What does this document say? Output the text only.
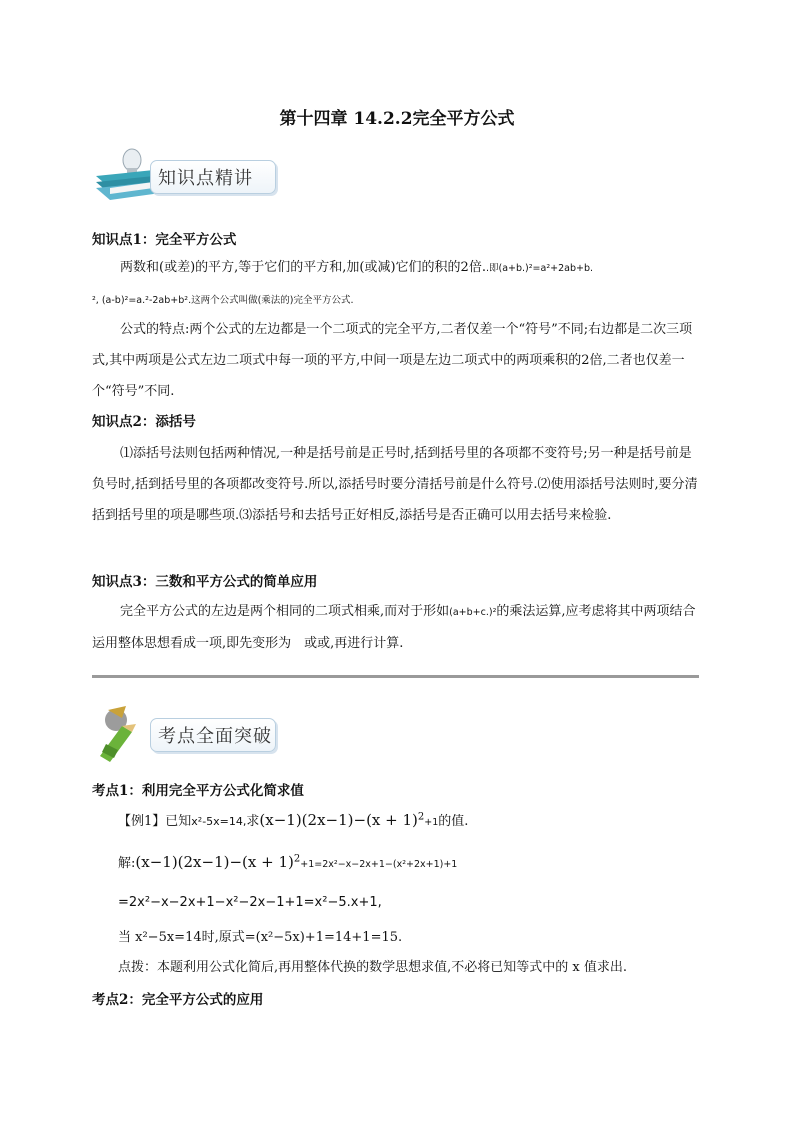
第十四章 14.2.2完全平方公式
知识点精讲
知识点1：完全平方公式
两数和(或差)的平方,等于它们的平方和,加(或减)它们的积的2倍..即(a+b.)²=a²+2ab+b.
², (a-b)²=a.²-2ab+b².这两个公式叫做(乘法的)完全平方公式.
公式的特点:两个公式的左边都是一个二项式的完全平方,二者仅差一个“符号”不同;右边都是二次三项式,其中两项是公式左边二项式中每一项的平方,中间一项是左边二项式中的两项乘积的2倍,二者也仅差一个“符号”不同.
知识点2：添括号
⑴添括号法则包括两种情况,一种是括号前是正号时,括到括号里的各项都不变符号;另一种是括号前是负号时,括到括号里的各项都改变符号.所以,添括号时要分清括号前是什么符号.⑵使用添括号法则时,要分清括到括号里的项是哪些项.⑶添括号和去括号正好相反,添括号是否正确可以用去括号来检验.
知识点3：三数和平方公式的简单应用
完全平方公式的左边是两个相同的二项式相乘,而对于形如(a+b+c.)²的乘法运算,应考虑将其中两项结合运用整体思想看成一项,即先变形为　或或,再进行计算.
考点全面突破
考点1：利用完全平方公式化简求值
【例1】已知x²-5x=14,求$(x-1)(2x-1)-(x + 1)^2+1$的值.
解:(x−1)(2x−1)−(x + 1)$^2$+1=2x²−x−2x+1−(x²+2x+1)+1
=2x²−x−2x+1−x²−2x−1+1=x²−5.x+1,
当 x²−5x=14时,原式=(x²−5x)+1=14+1=15.
点拨：本题利用公式化简后,再用整体代换的数学思想求值,不必将已知等式中的 x 值求出.
考点2：完全平方公式的应用
